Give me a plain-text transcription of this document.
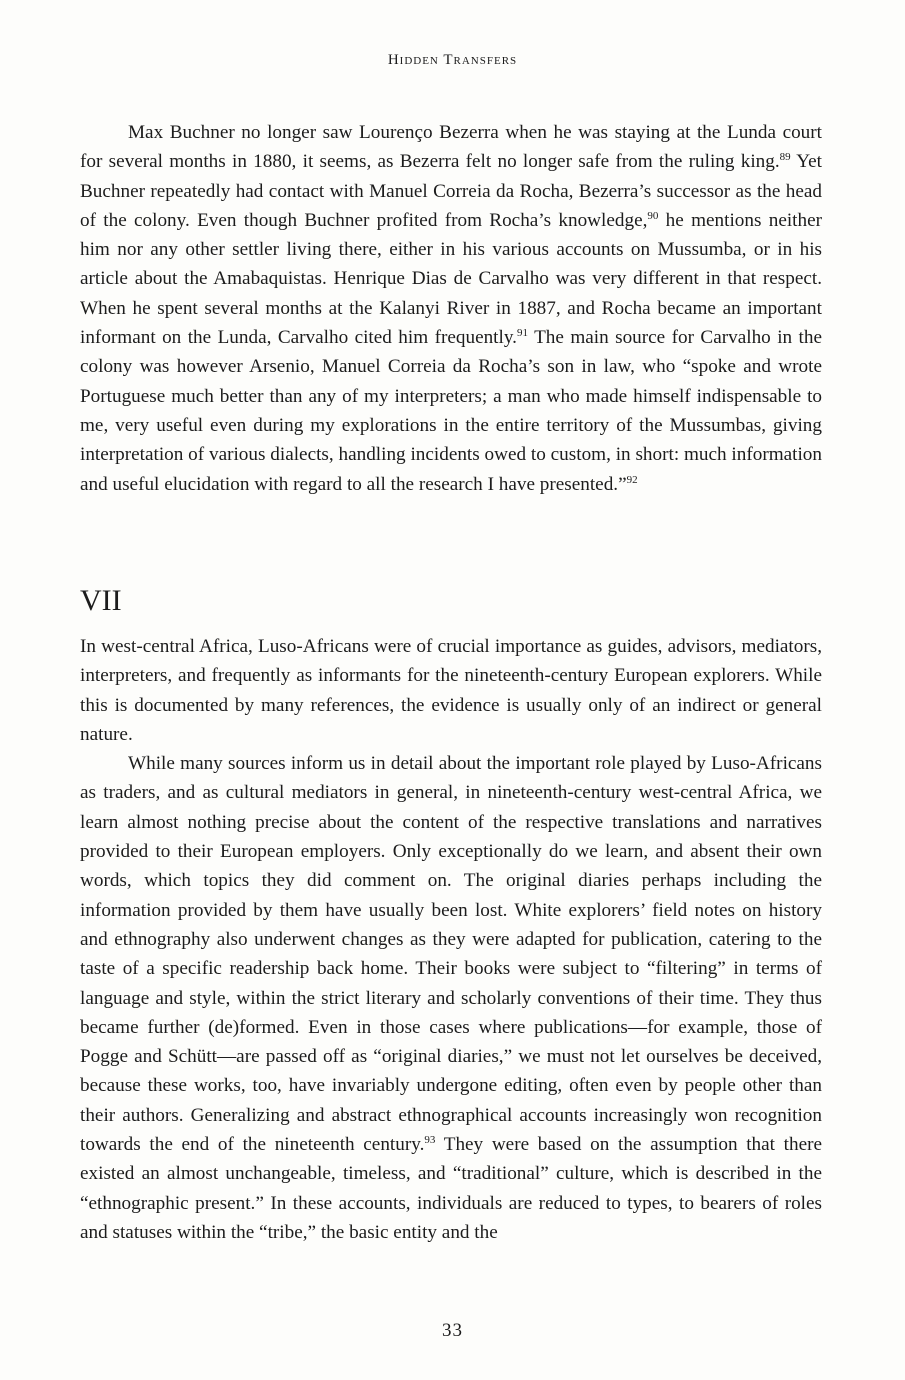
Hidden Transfers

Max Buchner no longer saw Lourenço Bezerra when he was staying at the Lunda court for several months in 1880, it seems, as Bezerra felt no longer safe from the ruling king.$^{89}$ Yet Buchner repeatedly had contact with Manuel Correia da Rocha, Bezerra’s successor as the head of the colony. Even though Buchner profited from Rocha’s knowledge,$^{90}$ he mentions neither him nor any other settler living there, either in his various accounts on Mussumba, or in his article about the Amabaquistas. Henrique Dias de Carvalho was very different in that respect. When he spent several months at the Kalanyi River in 1887, and Rocha became an important informant on the Lunda, Carvalho cited him frequently.$^{91}$ The main source for Carvalho in the colony was however Arsenio, Manuel Correia da Rocha’s son in law, who “spoke and wrote Portuguese much better than any of my interpreters; a man who made himself indispensable to me, very useful even during my explorations in the entire territory of the Mussumbas, giving interpretation of various dialects, handling incidents owed to custom, in short: much information and useful elucidation with regard to all the research I have presented.”$^{92}$

VII

In west-central Africa, Luso-Africans were of crucial importance as guides, advisors, mediators, interpreters, and frequently as informants for the nineteenth-century European explorers. While this is documented by many references, the evidence is usually only of an indirect or general nature.

While many sources inform us in detail about the important role played by Luso-Africans as traders, and as cultural mediators in general, in nineteenth-century west-central Africa, we learn almost nothing precise about the content of the respective translations and narratives provided to their European employers. Only exceptionally do we learn, and absent their own words, which topics they did comment on. The original diaries perhaps including the information provided by them have usually been lost. White explorers’ field notes on history and ethnography also underwent changes as they were adapted for publication, catering to the taste of a specific readership back home. Their books were subject to “filtering” in terms of language and style, within the strict literary and scholarly conventions of their time. They thus became further (de)formed. Even in those cases where publications—for example, those of Pogge and Schütt—are passed off as “original diaries,” we must not let ourselves be deceived, because these works, too, have invariably undergone editing, often even by people other than their authors. Generalizing and abstract ethnographical accounts increasingly won recognition towards the end of the nineteenth century.$^{93}$ They were based on the assumption that there existed an almost unchangeable, timeless, and “traditional” culture, which is described in the “ethnographic present.” In these accounts, individuals are reduced to types, to bearers of roles and statuses within the “tribe,” the basic entity and the

33
